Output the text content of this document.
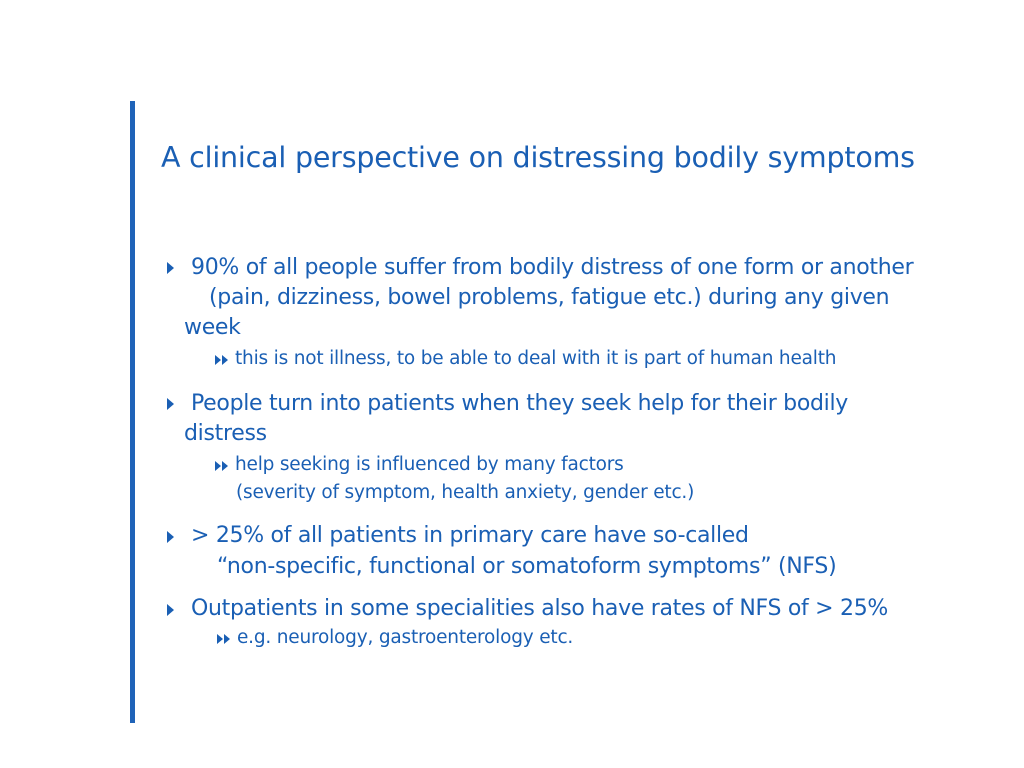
A clinical perspective on distressing bodily symptoms
90% of all people suffer from bodily distress of one form or another
(pain, dizziness, bowel problems, fatigue etc.) during any given
week
this is not illness, to be able to deal with it is part of human health
People turn into patients when they seek help for their bodily
distress
help seeking is influenced by many factors
(severity of symptom, health anxiety, gender etc.)
> 25% of all patients in primary care have so-called
“non-specific, functional or somatoform symptoms” (NFS)
Outpatients in some specialities also have rates of NFS of > 25%
e.g. neurology, gastroenterology etc.
